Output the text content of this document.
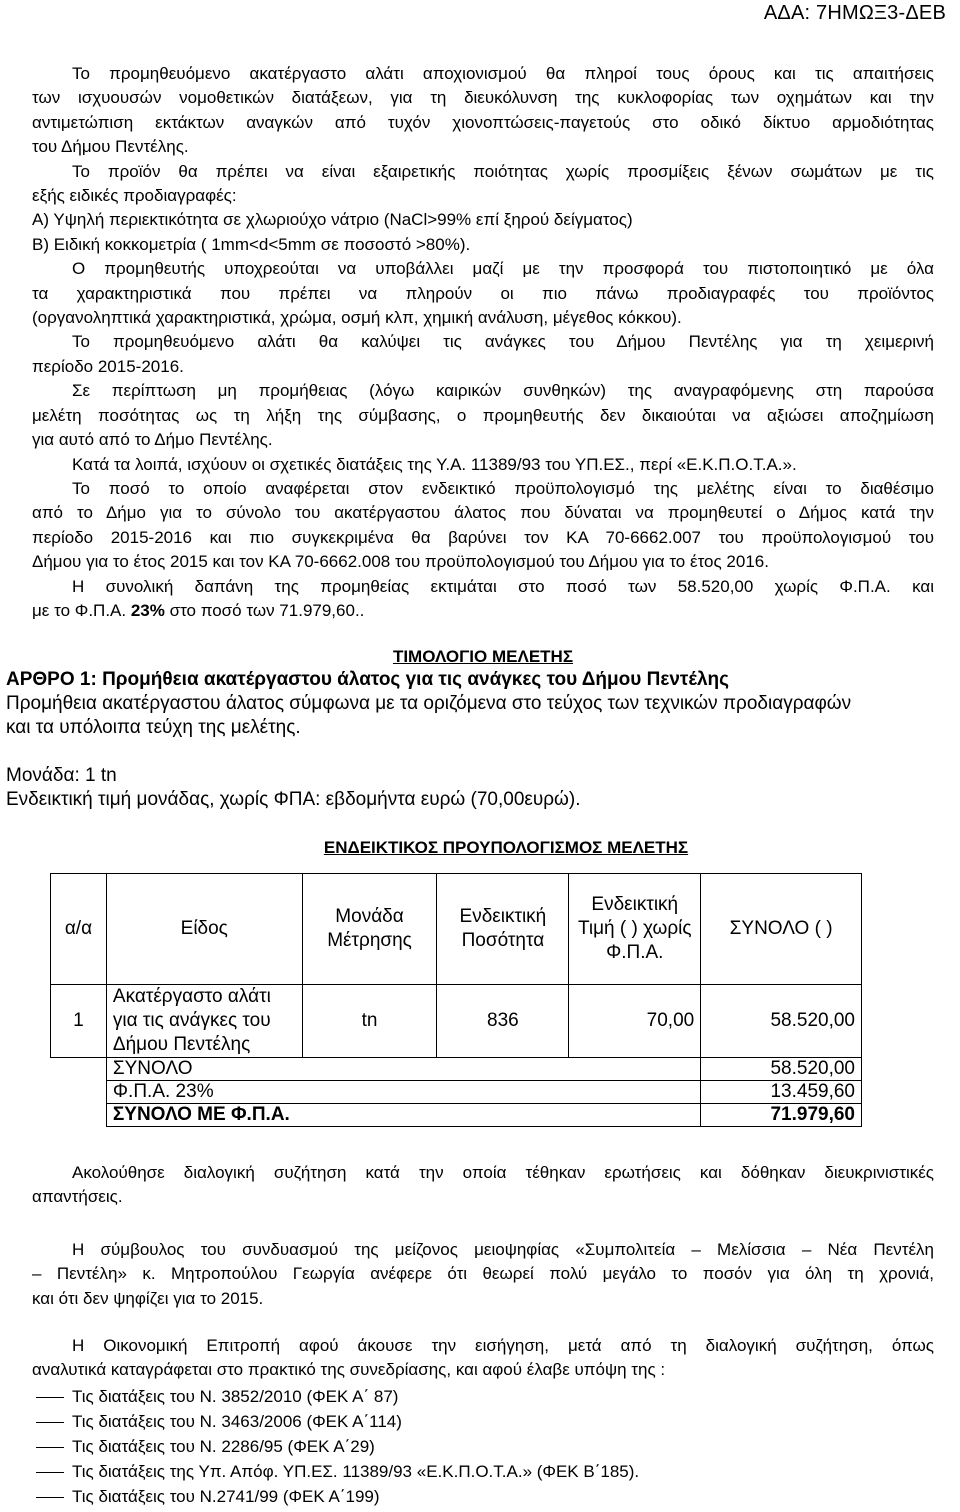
ΑΔΑ: 7ΗΜΩΞ3-ΔΕΒ

Το προμηθευόμενο ακατέργαστο αλάτι αποχιονισμού θα πληροί τους όρους και τις απαιτήσεις

των ισχυουσών νομοθετικών διατάξεων, για τη διευκόλυνση της κυκλοφορίας των οχημάτων και την

αντιμετώπιση εκτάκτων αναγκών από τυχόν χιονοπτώσεις-παγετούς στο οδικό δίκτυο αρμοδιότητας

του Δήμου Πεντέλης.

Το προϊόν θα πρέπει να είναι εξαιρετικής ποιότητας χωρίς προσμίξεις ξένων σωμάτων με τις

εξής ειδικές προδιαγραφές:

Α) Υψηλή περιεκτικότητα σε χλωριούχο νάτριο (NaCl>99% επί ξηρού δείγματος)

Β) Ειδική κοκκομετρία ( 1mm<d<5mm σε ποσοστό >80%).

Ο προμηθευτής υποχρεούται να υποβάλλει μαζί με την προσφορά του πιστοποιητικό με όλα

τα χαρακτηριστικά που πρέπει να πληρούν οι πιο πάνω προδιαγραφές του προϊόντος

(οργανοληπτικά χαρακτηριστικά, χρώμα, οσμή κλπ, χημική ανάλυση, μέγεθος κόκκου).

Το προμηθευόμενο αλάτι θα καλύψει τις ανάγκες του Δήμου Πεντέλης για τη χειμερινή

περίοδο 2015-2016.

Σε περίπτωση μη προμήθειας (λόγω καιρικών συνθηκών) της αναγραφόμενης στη παρούσα

μελέτη ποσότητας ως τη λήξη της σύμβασης, ο προμηθευτής δεν δικαιούται να αξιώσει αποζημίωση

για αυτό από το Δήμο Πεντέλης.

Κατά τα λοιπά, ισχύουν οι σχετικές διατάξεις της Υ.Α. 11389/93 του ΥΠ.ΕΣ., περί «Ε.Κ.Π.Ο.Τ.Α.».

Το ποσό το οποίο αναφέρεται στον ενδεικτικό προϋπολογισμό της μελέτης είναι το διαθέσιμο

από το Δήμο για το σύνολο του ακατέργαστου άλατος που δύναται να προμηθευτεί ο Δήμος κατά την

περίοδο 2015-2016 και πιο συγκεκριμένα θα βαρύνει τον ΚΑ 70-6662.007 του προϋπολογισμού του

Δήμου για το έτος 2015 και τον ΚΑ 70-6662.008 του προϋπολογισμού του Δήμου για το έτος 2016.

Η συνολική δαπάνη της προμηθείας εκτιμάται στο ποσό των 58.520,00 χωρίς Φ.Π.Α. και

με το Φ.Π.Α. 23% στο ποσό των 71.979,60..

ΤΙΜΟΛΟΓΙΟ ΜΕΛΕΤΗΣ

ΑΡΘΡΟ 1: Προμήθεια ακατέργαστου άλατος για τις ανάγκες του Δήμου Πεντέλης

Προμήθεια ακατέργαστου άλατος σύμφωνα με τα οριζόμενα στο τεύχος των τεχνικών προδιαγραφών

και τα υπόλοιπα τεύχη της μελέτης.

Μονάδα: 1 tn

Ενδεικτική τιμή μονάδας, χωρίς ΦΠΑ: εβδομήντα ευρώ (70,00ευρώ).

ΕΝΔΕΙΚΤΙΚΟΣ ΠΡΟΥΠΟΛΟΓΙΣΜΟΣ ΜΕΛΕΤΗΣ

α/α	Είδος	Μονάδα Μέτρησης	Ενδεικτική Ποσότητα	Ενδεικτική Τιμή ( ) χωρίς Φ.Π.Α.	ΣΥΝΟΛΟ ( )
1	Ακατέργαστο αλάτι για τις ανάγκες του Δήμου Πεντέλης	tn	836	70,00	58.520,00
	ΣΥΝΟΛΟ				58.520,00
	Φ.Π.Α. 23%				13.459,60
	ΣΥΝΟΛΟ ΜΕ Φ.Π.Α.				71.979,60

Ακολούθησε διαλογική συζήτηση κατά την οποία τέθηκαν ερωτήσεις και δόθηκαν διευκρινιστικές

απαντήσεις.

Η σύμβουλος του συνδυασμού της μείζονος μειοψηφίας «Συμπολιτεία – Μελίσσια – Νέα Πεντέλη

– Πεντέλη» κ. Μητροπούλου Γεωργία ανέφερε ότι θεωρεί πολύ μεγάλο το ποσόν για όλη τη χρονιά,

και ότι δεν ψηφίζει για το 2015.

Η Οικονομική Επιτροπή αφού άκουσε την εισήγηση, μετά από τη διαλογική συζήτηση, όπως

αναλυτικά καταγράφεται στο πρακτικό της συνεδρίασης, και αφού έλαβε υπόψη της :

Τις διατάξεις του Ν. 3852/2010 (ΦΕΚ Α΄ 87)
Τις διατάξεις του Ν. 3463/2006 (ΦΕΚ Α΄114)
Τις διατάξεις του Ν. 2286/95 (ΦΕΚ Α΄29)
Τις διατάξεις της Υπ. Απόφ. ΥΠ.ΕΣ. 11389/93 «Ε.Κ.Π.Ο.Τ.Α.» (ΦΕΚ Β΄185).
Τις διατάξεις του Ν.2741/99 (ΦΕΚ Α΄199)
